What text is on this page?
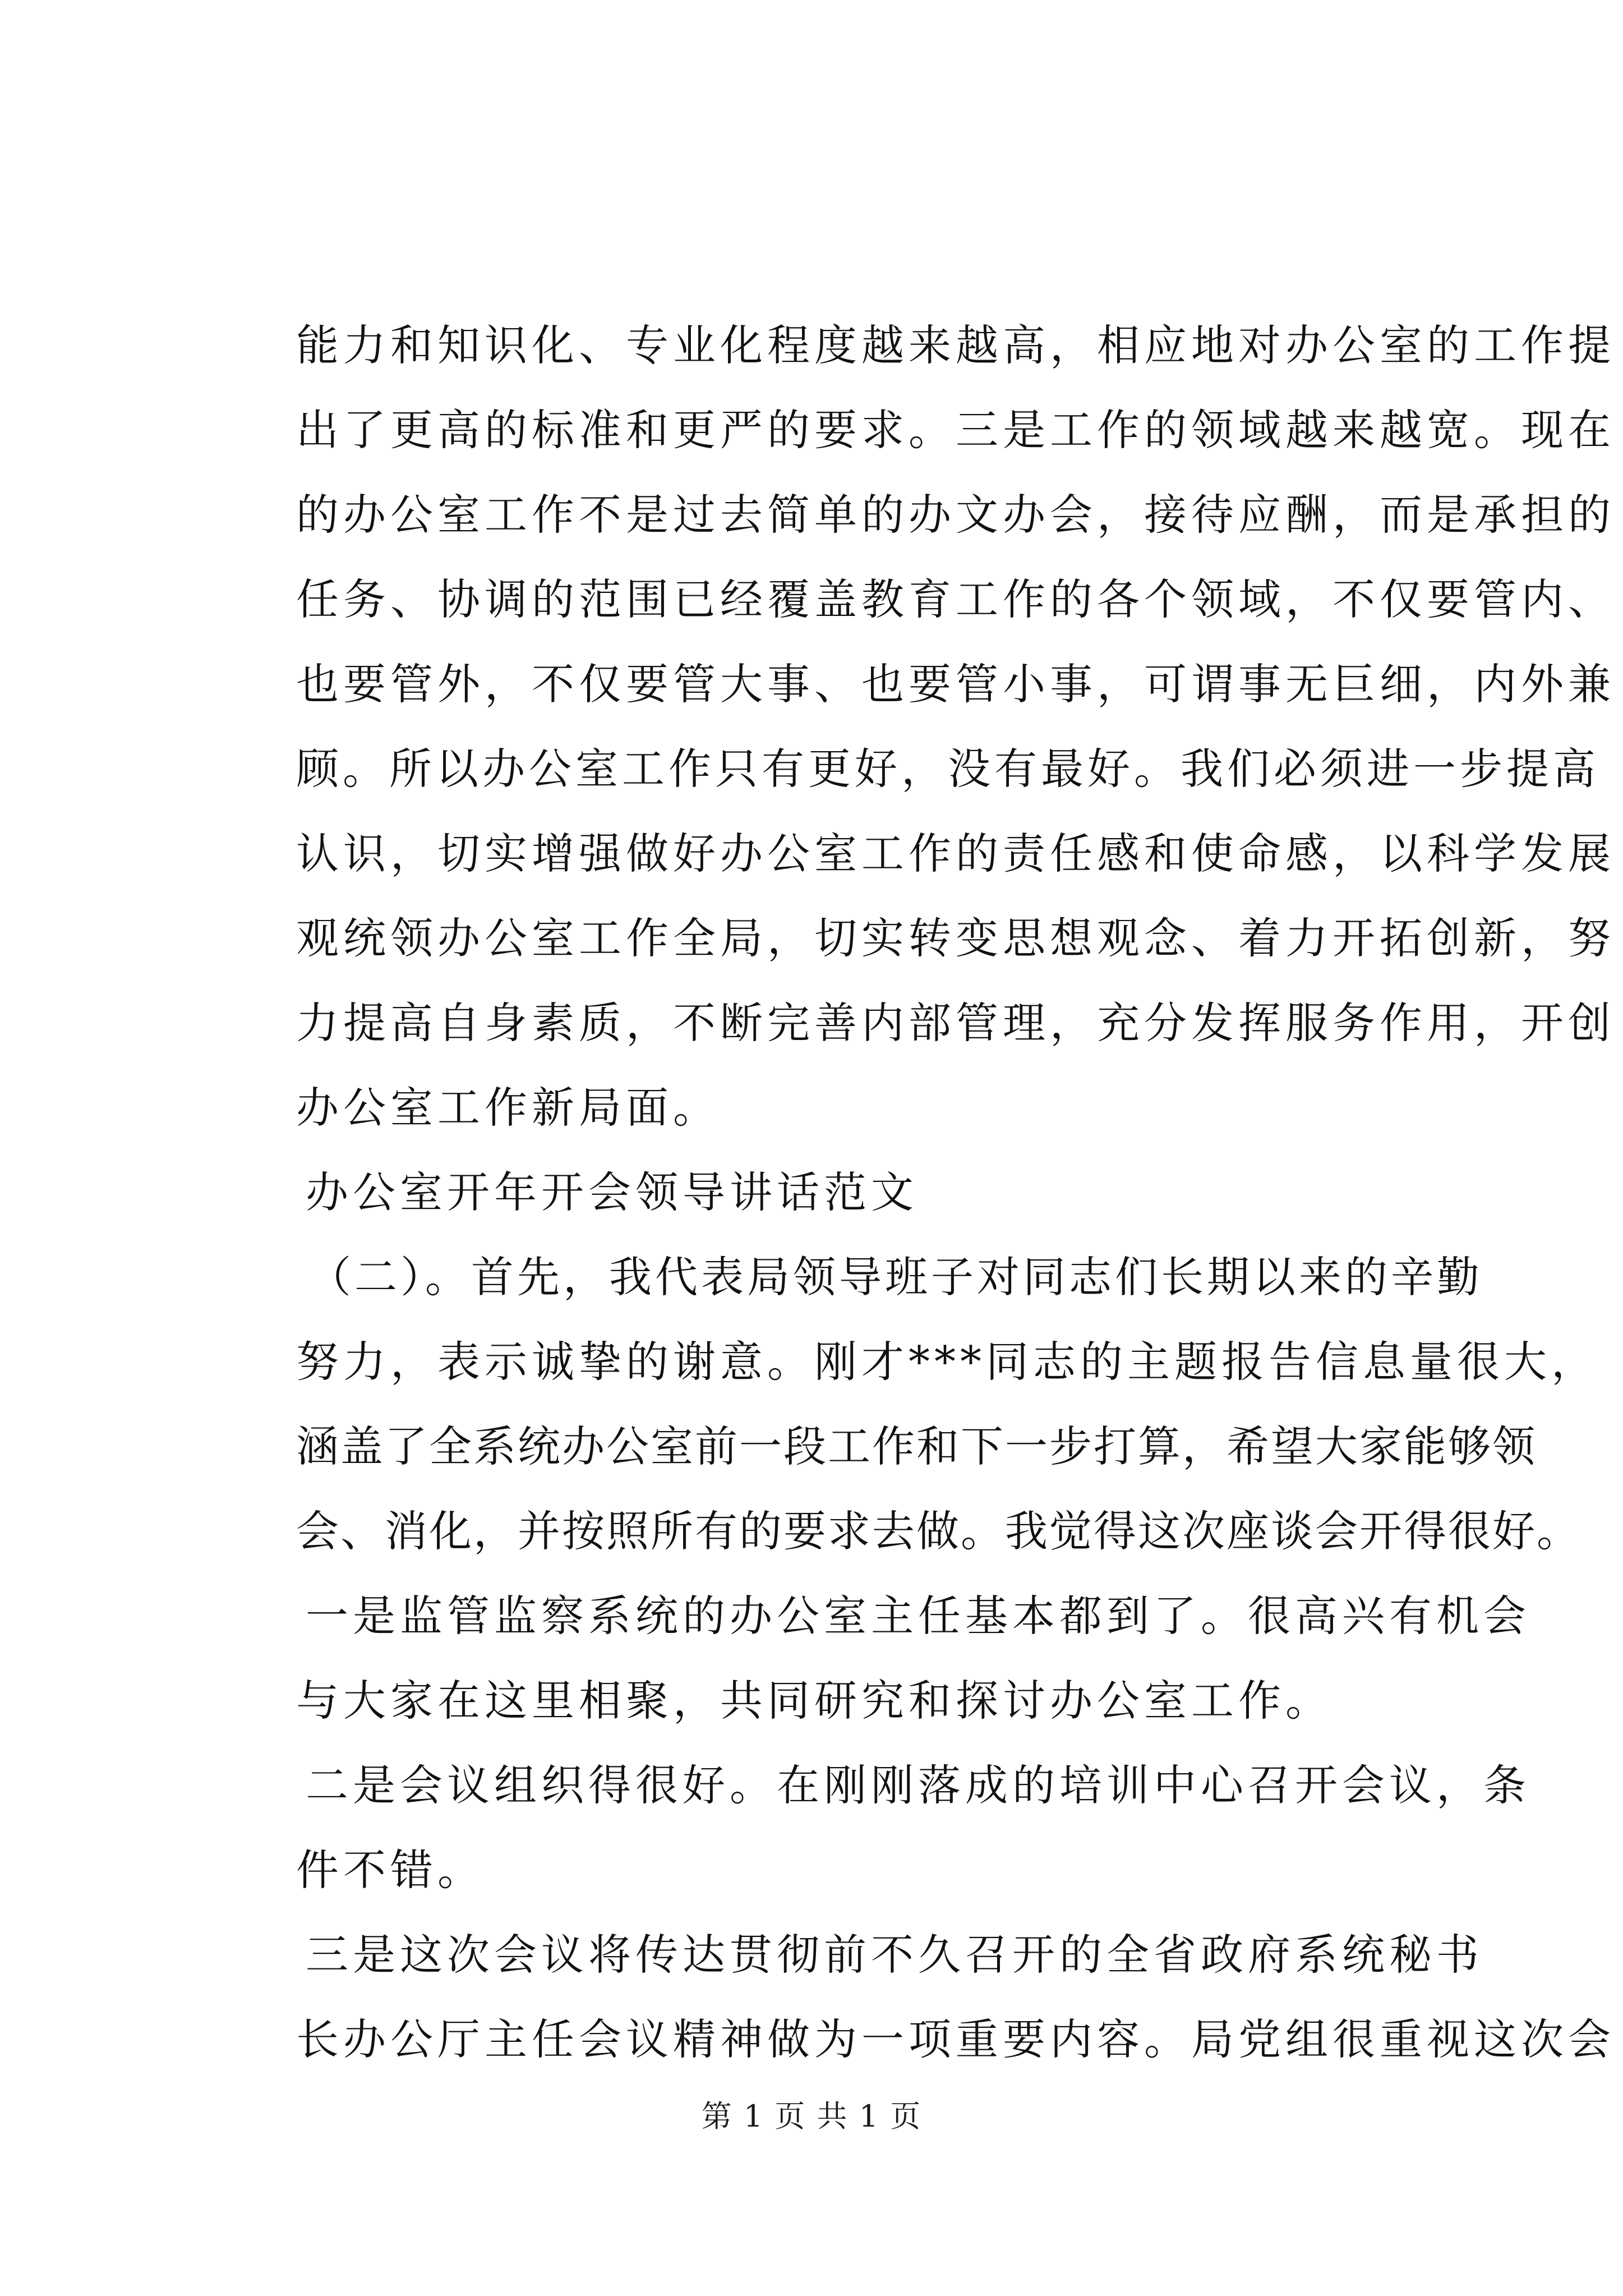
能力和知识化、专业化程度越来越高，相应地对办公室的工作提
出了更高的标准和更严的要求。三是工作的领域越来越宽。现在
的办公室工作不是过去简单的办文办会，接待应酬，而是承担的
任务、协调的范围已经覆盖教育工作的各个领域，不仅要管内、
也要管外，不仅要管大事、也要管小事，可谓事无巨细，内外兼
顾。所以办公室工作只有更好，没有最好。我们必须进一步提高
认识，切实增强做好办公室工作的责任感和使命感，以科学发展
观统领办公室工作全局，切实转变思想观念、着力开拓创新，努
力提高自身素质，不断完善内部管理，充分发挥服务作用，开创
办公室工作新局面。
办公室开年开会领导讲话范文
（二）。首先，我代表局领导班子对同志们长期以来的辛勤
努力，表示诚挚的谢意。刚才***同志的主题报告信息量很大，
涵盖了全系统办公室前一段工作和下一步打算，希望大家能够领
会、消化，并按照所有的要求去做。我觉得这次座谈会开得很好。
一是监管监察系统的办公室主任基本都到了。很高兴有机会
与大家在这里相聚，共同研究和探讨办公室工作。
二是会议组织得很好。在刚刚落成的培训中心召开会议，条
件不错。
三是这次会议将传达贯彻前不久召开的全省政府系统秘书
长办公厅主任会议精神做为一项重要内容。局党组很重视这次会
第 1 页 共 1 页
